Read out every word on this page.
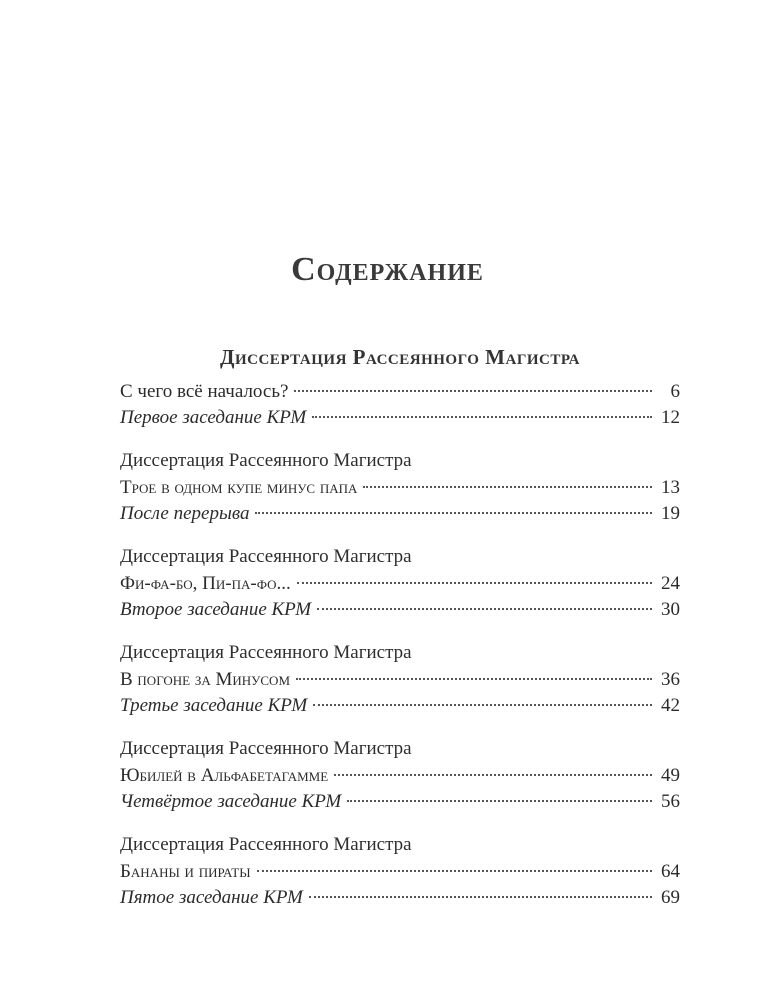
Содержание
Диссертация Рассеянного Магистра
С чего всё началось?	6
Первое заседание КРМ	12
Диссертация Рассеянного Магистра
Трое в одном купе минус папа	13
После перерыва	19
Диссертация Рассеянного Магистра
Фи-фа-бо, Пи-па-фо...	24
Второе заседание КРМ	30
Диссертация Рассеянного Магистра
В погоне за Минусом	36
Третье заседание КРМ	42
Диссертация Рассеянного Магистра
Юбилей в Альфабетагамме	49
Четвёртое заседание КРМ	56
Диссертация Рассеянного Магистра
Бананы и пираты	64
Пятое заседание КРМ	69
